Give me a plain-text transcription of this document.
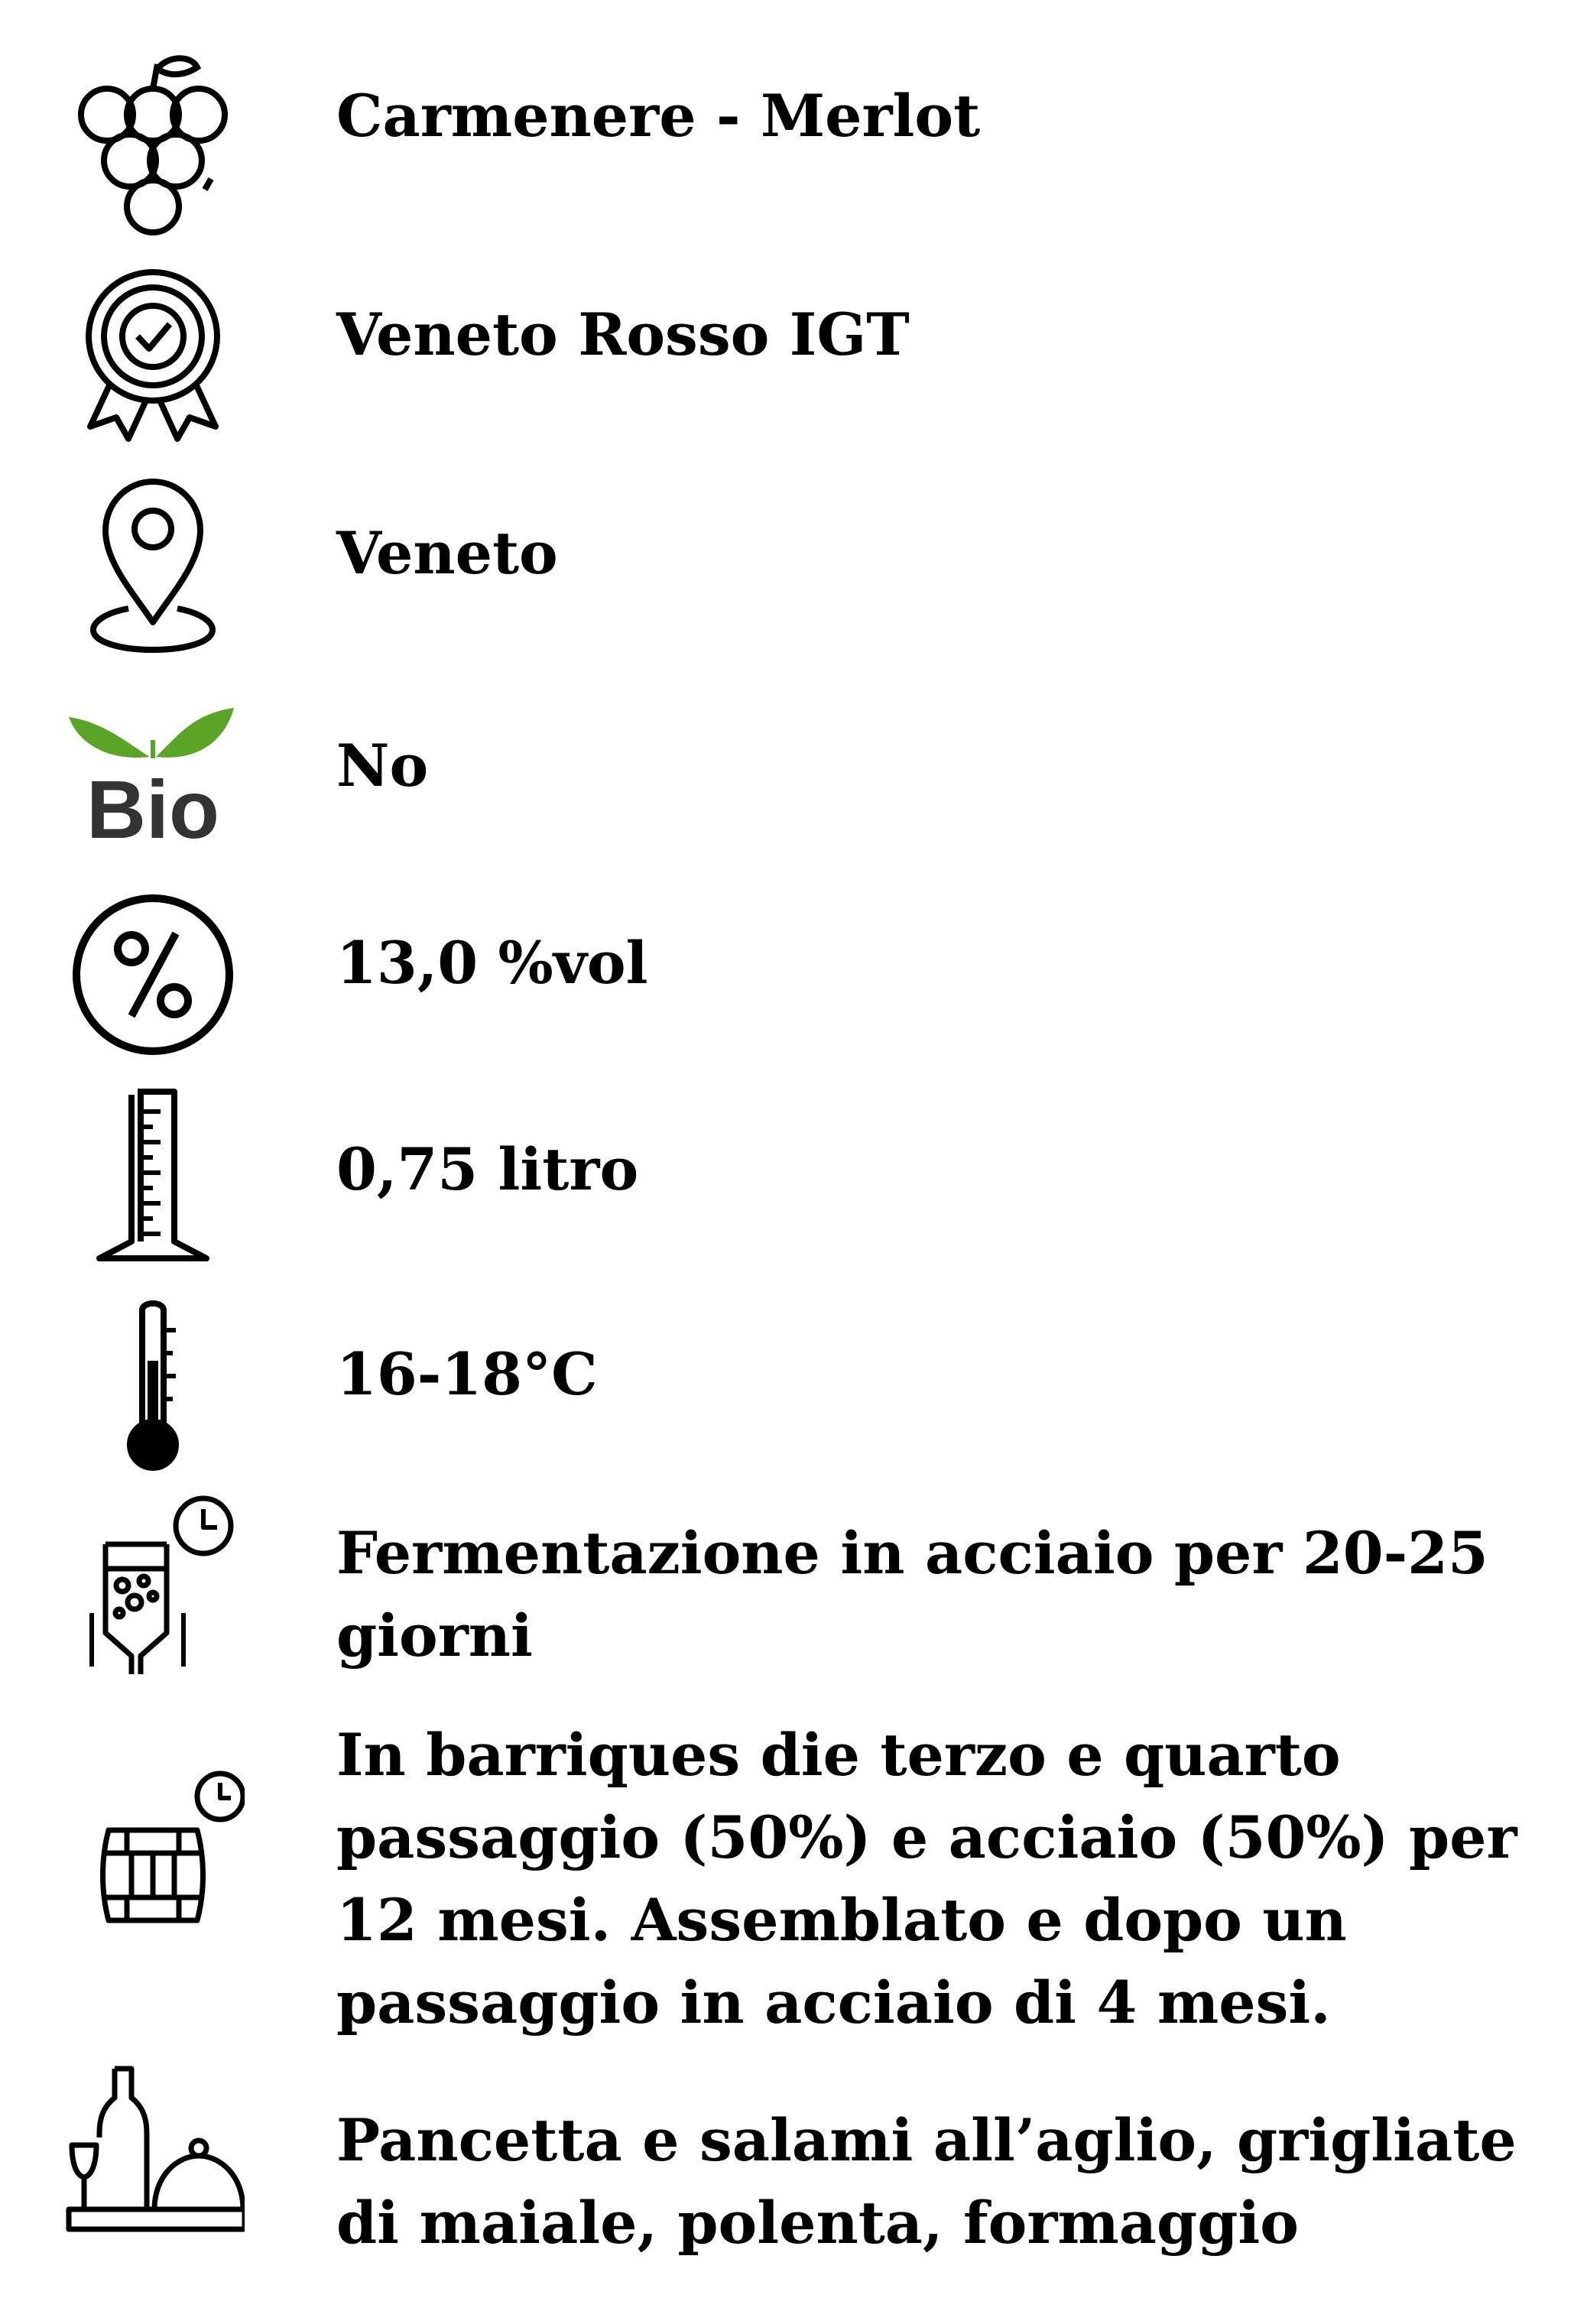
Carmenere - Merlot
Veneto Rosso IGT
Veneto
Bio No
13,0 %vol
0,75 litro
16-18°C
Fermentazione in acciaio per 20-25 giorni
In barriques die terzo e quarto passaggio (50%) e acciaio (50%) per 12 mesi. Assemblato e dopo un passaggio in acciaio di 4 mesi.
Pancetta e salami all’aglio, grigliate di maiale, polenta, formaggio
